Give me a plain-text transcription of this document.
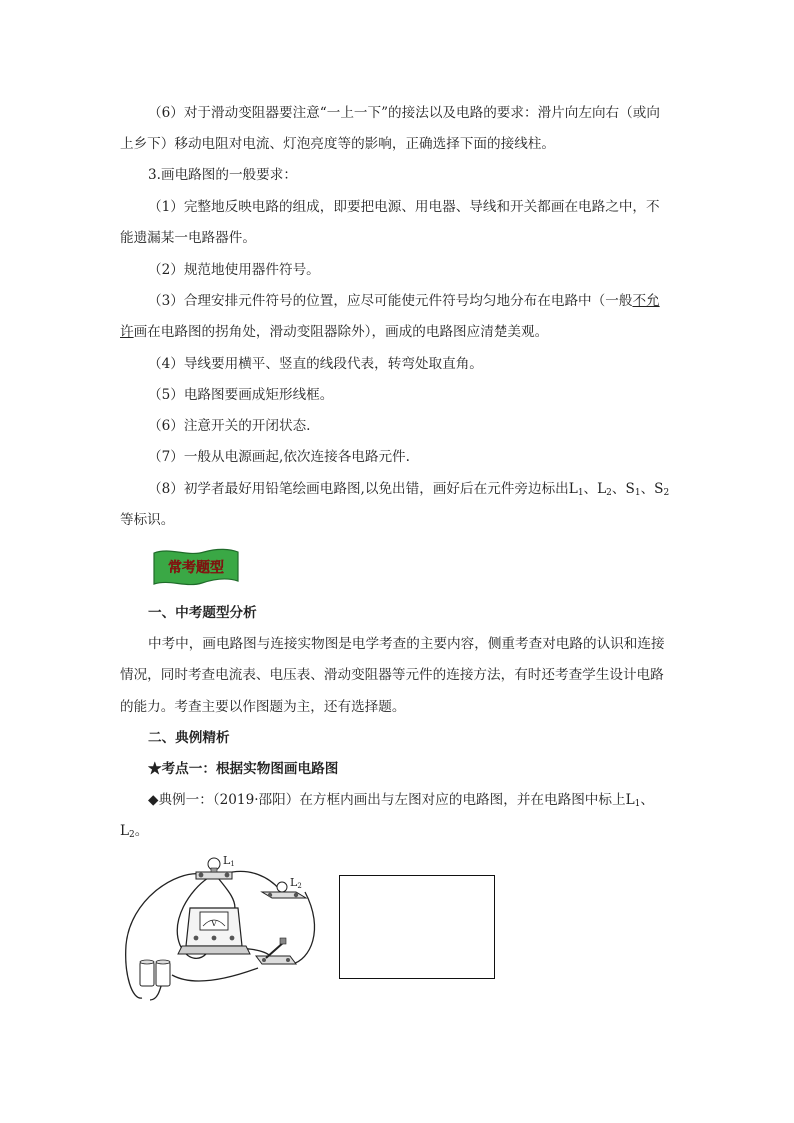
（6）对于滑动变阻器要注意“一上一下”的接法以及电路的要求：滑片向左向右（或向
上乡下）移动电阻对电流、灯泡亮度等的影响，正确选择下面的接线柱。
3.画电路图的一般要求：
（1）完整地反映电路的组成，即要把电源、用电器、导线和开关都画在电路之中，不
能遗漏某一电路器件。
（2）规范地使用器件符号。
（3）合理安排元件符号的位置，应尽可能使元件符号均匀地分布在电路中（一般不允
许画在电路图的拐角处，滑动变阻器除外），画成的电路图应清楚美观。
（4）导线要用横平、竖直的线段代表，转弯处取直角。
（5）电路图要画成矩形线框。
（6）注意开关的开闭状态.
（7）一般从电源画起,依次连接各电路元件.
（8）初学者最好用铅笔绘画电路图,以免出错，画好后在元件旁边标出$L_1$、$L_2$、$S_1$、$S_2$
等标识。
常考题型
一、中考题型分析
中考中，画电路图与连接实物图是电学考查的主要内容，侧重考查对电路的认识和连接
情况，同时考查电流表、电压表、滑动变阻器等元件的连接方法，有时还考查学生设计电路
的能力。考查主要以作图题为主，还有选择题。
二、典例精析
★考点一：根据实物图画电路图
◆典例一：（2019·邵阳）在方框内画出与左图对应的电路图，并在电路图中标上$L_1$、
$L_2$。
L1
L2
V
